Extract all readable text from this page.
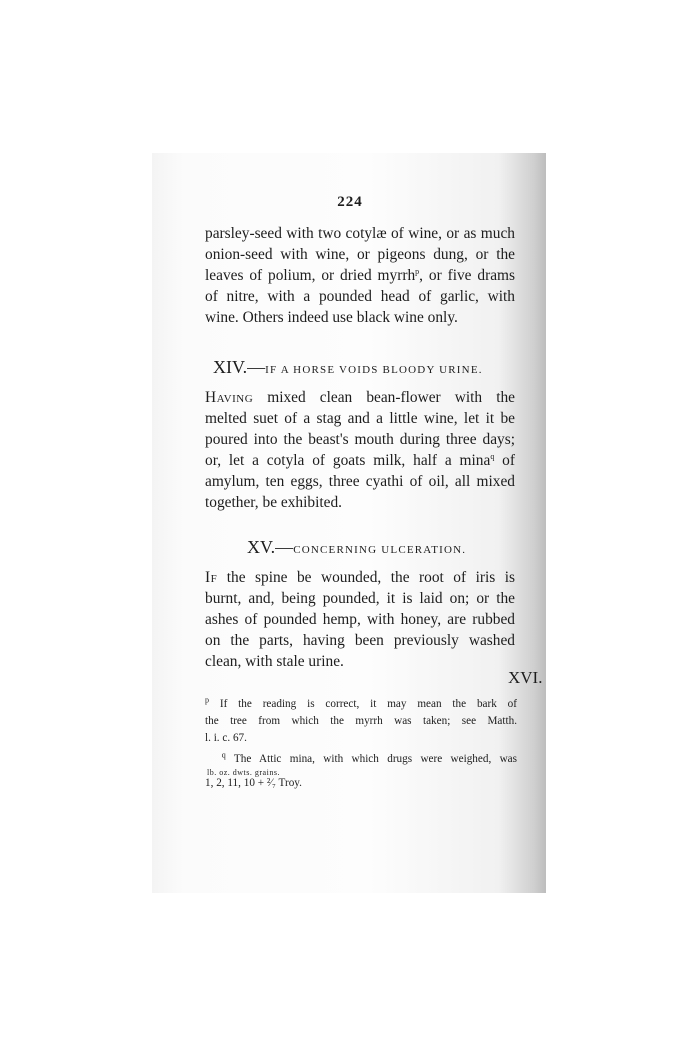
224

parsley-seed with two cotylæ of wine, or as much
onion-seed with wine, or pigeons dung, or the
leaves of polium, or dried myrrh$^p$, or five drams
of nitre, with a pounded head of garlic, with
wine. Others indeed use black wine only.

XIV.—IF A HORSE VOIDS BLOODY URINE.

Having mixed clean bean-flower with the
melted suet of a stag and a little wine, let it be
poured into the beast's mouth during three days;
or, let a cotyla of goats milk, half a mina$^q$ of
amylum, ten eggs, three cyathi of oil, all mixed
together, be exhibited.

XV.—CONCERNING ULCERATION.

If the spine be wounded, the root of iris is
burnt, and, being pounded, it is laid on; or the
ashes of pounded hemp, with honey, are rubbed
on the parts, having been previously washed
clean, with stale urine.

XVI.
$^p$ If the reading is correct, it may mean the bark of
the tree from which the myrrh was taken; see Matth.
l. i. c. 67.
$^q$ The Attic mina, with which drugs were weighed, was
lb. oz. dwts. grains.
1, 2, 11, 10 + ²⁄₇ Troy.
